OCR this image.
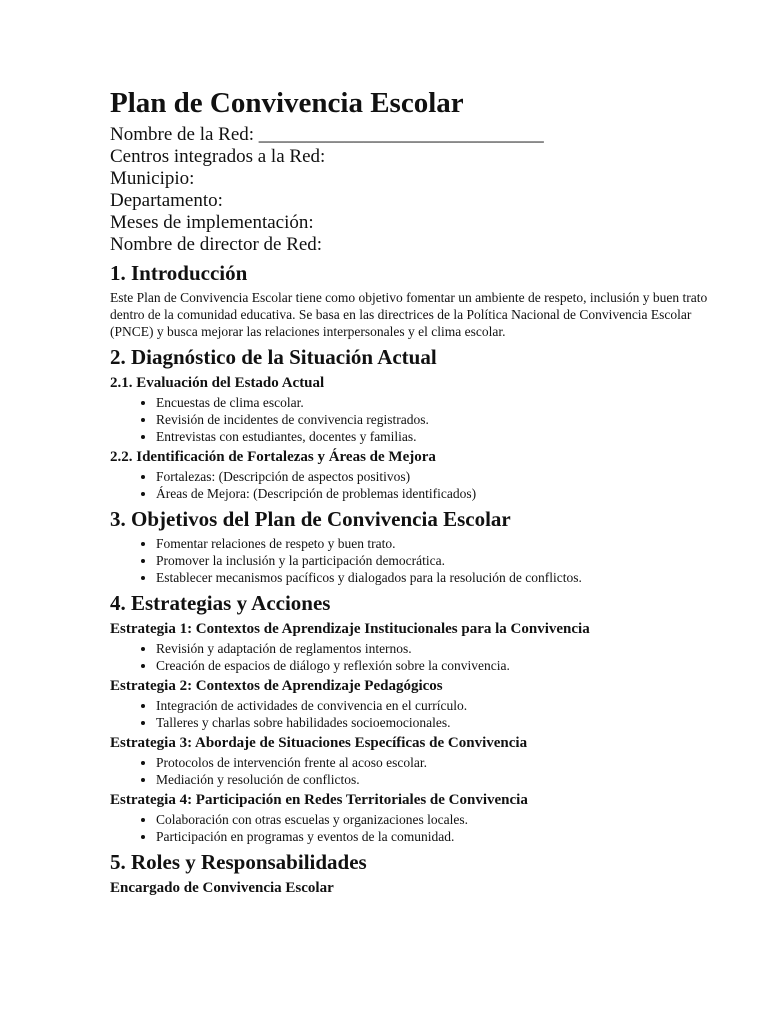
Plan de Convivencia Escolar

Nombre de la Red: ______________________________

Centros integrados a la Red:

Municipio:

Departamento:

Meses de implementación:

Nombre de director de Red:

1. Introducción

Este Plan de Convivencia Escolar tiene como objetivo fomentar un ambiente de respeto, inclusión y buen trato dentro de la comunidad educativa. Se basa en las directrices de la Política Nacional de Convivencia Escolar (PNCE) y busca mejorar las relaciones interpersonales y el clima escolar.

2. Diagnóstico de la Situación Actual
2.1. Evaluación del Estado Actual
• Encuestas de clima escolar.
• Revisión de incidentes de convivencia registrados.
• Entrevistas con estudiantes, docentes y familias.
2.2. Identificación de Fortalezas y Áreas de Mejora
• Fortalezas: (Descripción de aspectos positivos)
• Áreas de Mejora: (Descripción de problemas identificados)
3. Objetivos del Plan de Convivencia Escolar
• Fomentar relaciones de respeto y buen trato.
• Promover la inclusión y la participación democrática.
• Establecer mecanismos pacíficos y dialogados para la resolución de conflictos.
4. Estrategias y Acciones
Estrategia 1: Contextos de Aprendizaje Institucionales para la Convivencia
• Revisión y adaptación de reglamentos internos.
• Creación de espacios de diálogo y reflexión sobre la convivencia.
Estrategia 2: Contextos de Aprendizaje Pedagógicos
• Integración de actividades de convivencia en el currículo.
• Talleres y charlas sobre habilidades socioemocionales.
Estrategia 3: Abordaje de Situaciones Específicas de Convivencia
• Protocolos de intervención frente al acoso escolar.
• Mediación y resolución de conflictos.
Estrategia 4: Participación en Redes Territoriales de Convivencia
• Colaboración con otras escuelas y organizaciones locales.
• Participación en programas y eventos de la comunidad.
5. Roles y Responsabilidades
Encargado de Convivencia Escolar
